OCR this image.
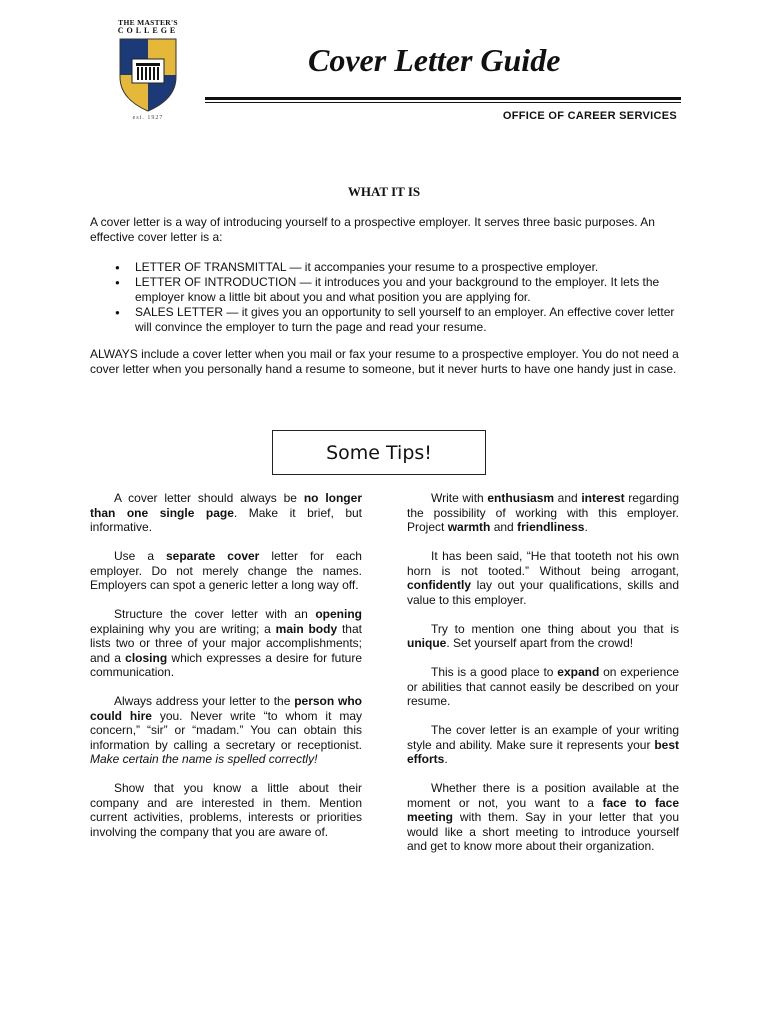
THE MASTER'S
COLLEGE
est. 1927
Cover Letter Guide
OFFICE OF CAREER SERVICES
WHAT IT IS
A cover letter is a way of introducing yourself to a prospective employer. It serves three basic purposes. An effective cover letter is a:
● LETTER OF TRANSMITTAL — it accompanies your resume to a prospective employer.
● LETTER OF INTRODUCTION — it introduces you and your background to the employer. It lets the employer know a little bit about you and what position you are applying for.
● SALES LETTER — it gives you an opportunity to sell yourself to an employer. An effective cover letter will convince the employer to turn the page and read your resume.
ALWAYS include a cover letter when you mail or fax your resume to a prospective employer. You do not need a cover letter when you personally hand a resume to someone, but it never hurts to have one handy just in case.
Some Tips!

A cover letter should always be no longer than one single page. Make it brief, but informative.

Use a separate cover letter for each employer. Do not merely change the names. Employers can spot a generic letter a long way off.

Structure the cover letter with an opening explaining why you are writing; a main body that lists two or three of your major accomplishments; and a closing which expresses a desire for future communication.

Always address your letter to the person who could hire you. Never write “to whom it may concern,” “sir” or “madam.” You can obtain this information by calling a secretary or receptionist. Make certain the name is spelled correctly!

Show that you know a little about their company and are interested in them. Mention current activities, problems, interests or priorities involving the company that you are aware of.

Write with enthusiasm and interest regarding the possibility of working with this employer. Project warmth and friendliness.

It has been said, “He that tooteth not his own horn is not tooted.” Without being arrogant, confidently lay out your qualifications, skills and value to this employer.

Try to mention one thing about you that is unique. Set yourself apart from the crowd!

This is a good place to expand on experience or abilities that cannot easily be described on your resume.

The cover letter is an example of your writing style and ability. Make sure it represents your best efforts.

Whether there is a position available at the moment or not, you want to a face to face meeting with them. Say in your letter that you would like a short meeting to introduce yourself and get to know more about their organization.
